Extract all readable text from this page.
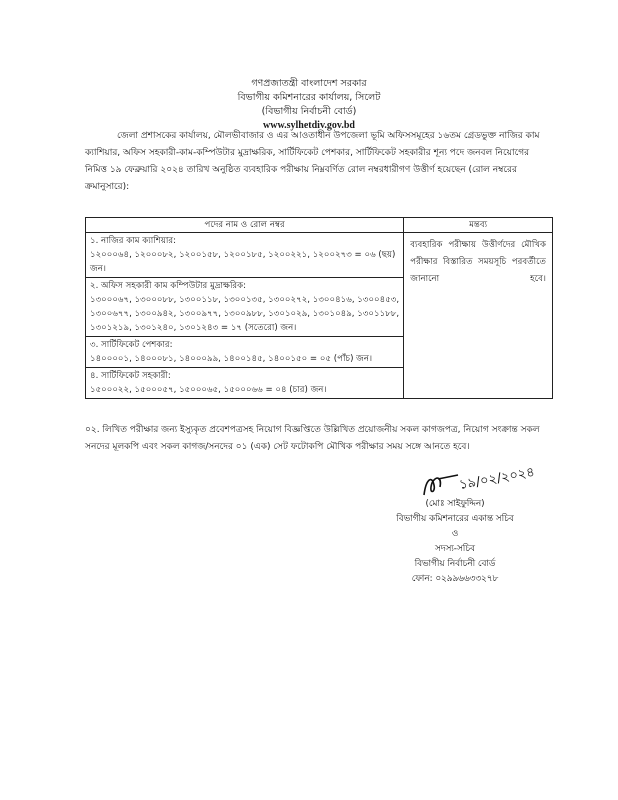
গণপ্রজাতন্ত্রী বাংলাদেশ সরকার
বিভাগীয় কমিশনারের কার্যালয়, সিলেট
(বিভাগীয় নির্বাচনী বোর্ড)
www.sylhetdiv.gov.bd
জেলা প্রশাসকের কার্যালয়, মৌলভীবাজার ও এর আওতাধীন উপজেলা ভূমি অফিসসমূহের ১৬তম গ্রেডভুক্ত নাজির কাম
ক্যাশিয়ার, অফিস সহকারী-কাম-কম্পিউটার মুদ্রাক্ষরিক, সার্টিফিকেট পেশকার, সার্টিফিকেট সহকারীর শূন্য পদে জনবল নিয়োগের
নিমিত্ত ১৯ ফেব্রুয়ারি ২০২৪ তারিখ অনুষ্ঠিত ব্যবহারিক পরীক্ষায় নিম্নবর্ণিত রোল নম্বরধারীগণ উত্তীর্ণ হয়েছেন (রোল নম্বরের
ক্রমানুসারে):
পদের নাম ও রোল নম্বর	মন্তব্য

১. নাজির কাম ক্যাশিয়ার:
১২০০০৬৪, ১২০০০৮২, ১২০০১৫৮, ১২০০১৮৫, ১২০০২২১, ১২০০২৭৩ = ০৬ (ছয়) জন।	ব্যবহারিক পরীক্ষায় উত্তীর্ণদের মৌখিক পরীক্ষার বিস্তারিত সময়সূচি পরবর্তীতে জানানো হবে।

২. অফিস সহকারী কাম কম্পিউটার মুদ্রাক্ষরিক:
১৩০০০৬৭, ১৩০০০৮৮, ১৩০০১১৮, ১৩০০১৩৫, ১৩০০২৭২, ১৩০০৪১৬, ১৩০০৪৫৩, ১৩০০৬৭৭, ১৩০০৯৪২, ১৩০০৯৭৭, ১৩০০৯৮৮, ১৩০১০২৯, ১৩০১০৪৯, ১৩০১১৮৮, ১৩০১২১৯, ১৩০১২৪০, ১৩০১২৪৩ = ১৭ (সতেরো) জন।	

৩. সার্টিফিকেট পেশকার:
১৪০০০০১, ১৪০০০৮১, ১৪০০০৯৯, ১৪০০১৪৫, ১৪০০১৫০ = ০৫ (পাঁচ) জন।	

৪. সার্টিফিকেট সহকারী:
১৫০০০২২, ১৫০০০৫৭, ১৫০০০৬৫, ১৫০০০৬৬ = ০৪ (চার) জন।	
০২. লিখিত পরীক্ষার জন্য ইস্যুকৃত প্রবেশপত্রসহ নিয়োগ বিজ্ঞপ্তিতে উল্লিখিত প্রয়োজনীয় সকল কাগজপত্র, নিয়োগ সংক্রান্ত সকল
সনদের মূলকপি এবং সকল কাগজ/সনদের ০১ (এক) সেট ফটোকপি মৌখিক পরীক্ষার সময় সঙ্গে আনতে হবে।
১৯/০২/২০২৪
(মোঃ সাইফুদ্দিন)
বিভাগীয় কমিশনারের একান্ত সচিব
ও
সদস্য-সচিব
বিভাগীয় নির্বাচনী বোর্ড
ফোন: ০২৯৯৬৬৩৩২৭৮
